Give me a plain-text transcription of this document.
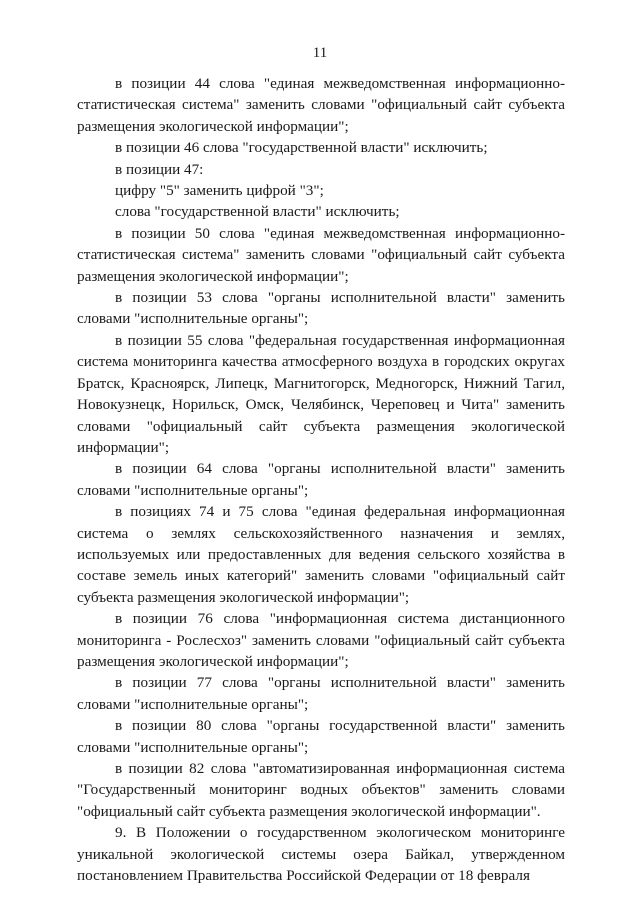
11

в позиции 44 слова "единая межведомственная информационно-статистическая система" заменить словами "официальный сайт субъекта размещения экологической информации";

в позиции 46 слова "государственной власти" исключить;

в позиции 47:

цифру "5" заменить цифрой "3";

слова "государственной власти" исключить;

в позиции 50 слова "единая межведомственная информационно-статистическая система" заменить словами "официальный сайт субъекта размещения экологической информации";

в позиции 53 слова "органы исполнительной власти" заменить словами "исполнительные органы";

в позиции 55 слова "федеральная государственная информационная система мониторинга качества атмосферного воздуха в городских округах Братск, Красноярск, Липецк, Магнитогорск, Медногорск, Нижний Тагил, Новокузнецк, Норильск, Омск, Челябинск, Череповец и Чита" заменить словами "официальный сайт субъекта размещения экологической информации";

в позиции 64 слова "органы исполнительной власти" заменить словами "исполнительные органы";

в позициях 74 и 75 слова "единая федеральная информационная система о землях сельскохозяйственного назначения и землях, используемых или предоставленных для ведения сельского хозяйства в составе земель иных категорий" заменить словами "официальный сайт субъекта размещения экологической информации";

в позиции 76 слова "информационная система дистанционного мониторинга - Рослесхоз" заменить словами "официальный сайт субъекта размещения экологической информации";

в позиции 77 слова "органы исполнительной власти" заменить словами "исполнительные органы";

в позиции 80 слова "органы государственной власти" заменить словами "исполнительные органы";

в позиции 82 слова "автоматизированная информационная система "Государственный мониторинг водных объектов" заменить словами "официальный сайт субъекта размещения экологической информации".

9. В Положении о государственном экологическом мониторинге уникальной экологической системы озера Байкал, утвержденном постановлением Правительства Российской Федерации от 18 февраля
